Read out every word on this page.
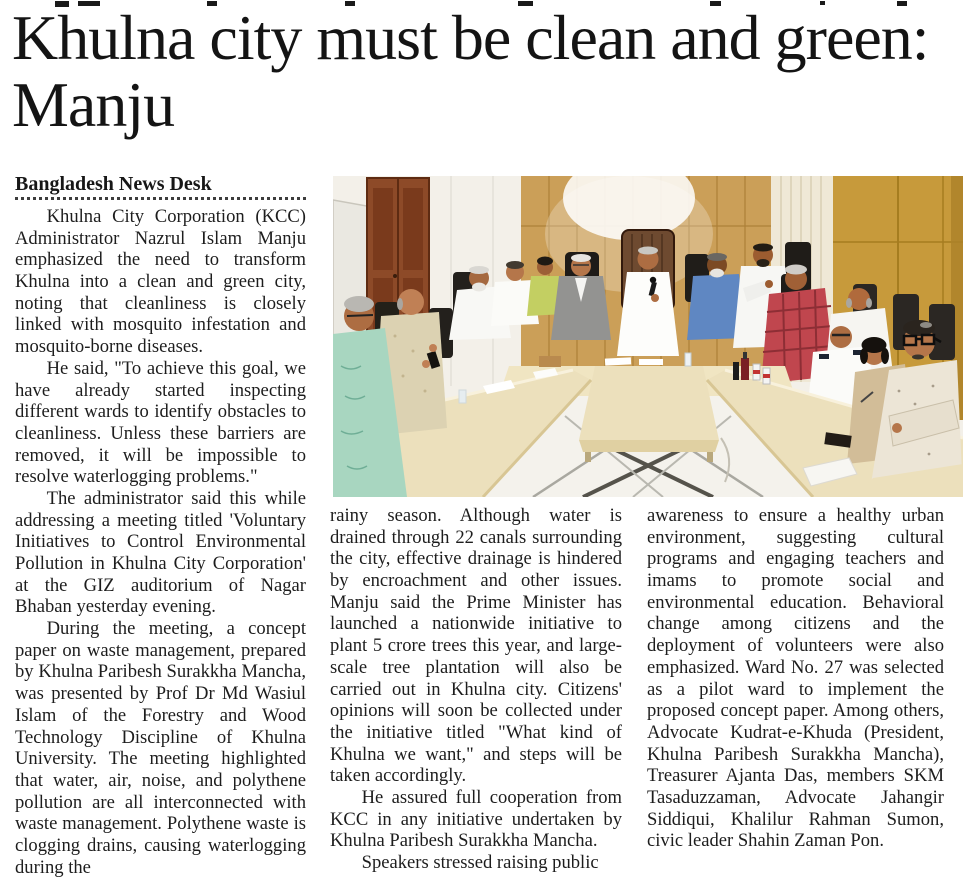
Khulna city must be clean and green: Manju
Bangladesh News Desk

Khulna City Corporation (KCC) Administrator Nazrul Islam Manju emphasized the need to transform Khulna into a clean and green city, noting that cleanliness is closely linked with mosquito infestation and mosquito-borne diseases.

He said, "To achieve this goal, we have already started inspecting different wards to identify obstacles to cleanliness. Unless these barriers are removed, it will be impossible to resolve waterlogging problems."

The administrator said this while addressing a meeting titled 'Voluntary Initiatives to Control Environmental Pollution in Khulna City Corporation' at the GIZ auditorium of Nagar Bhaban yesterday evening.

During the meeting, a concept paper on waste management, prepared by Khulna Paribesh Surakkha Mancha, was presented by Prof Dr Md Wasiul Islam of the Forestry and Wood Technology Discipline of Khulna University. The meeting highlighted that water, air, noise, and polythene pollution are all interconnected with waste management. Polythene waste is clogging drains, causing waterlogging during the

rainy season. Although water is drained through 22 canals surrounding the city, effective drainage is hindered by encroachment and other issues. Manju said the Prime Minister has launched a nationwide initiative to plant 5 crore trees this year, and large-scale tree plantation will also be carried out in Khulna city. Citizens' opinions will soon be collected under the initiative titled "What kind of Khulna we want," and steps will be taken accordingly.

He assured full cooperation from KCC in any initiative undertaken by Khulna Paribesh Surakkha Mancha.

Speakers stressed raising public

awareness to ensure a healthy urban environment, suggesting cultural programs and engaging teachers and imams to promote social and environmental education. Behavioral change among citizens and the deployment of volunteers were also emphasized. Ward No. 27 was selected as a pilot ward to implement the proposed concept paper. Among others, Advocate Kudrat-e-Khuda (President, Khulna Paribesh Surakkha Mancha), Treasurer Ajanta Das, members SKM Tasaduzzaman, Advocate Jahangir Siddiqui, Khalilur Rahman Sumon, civic leader Shahin Zaman Pon.
